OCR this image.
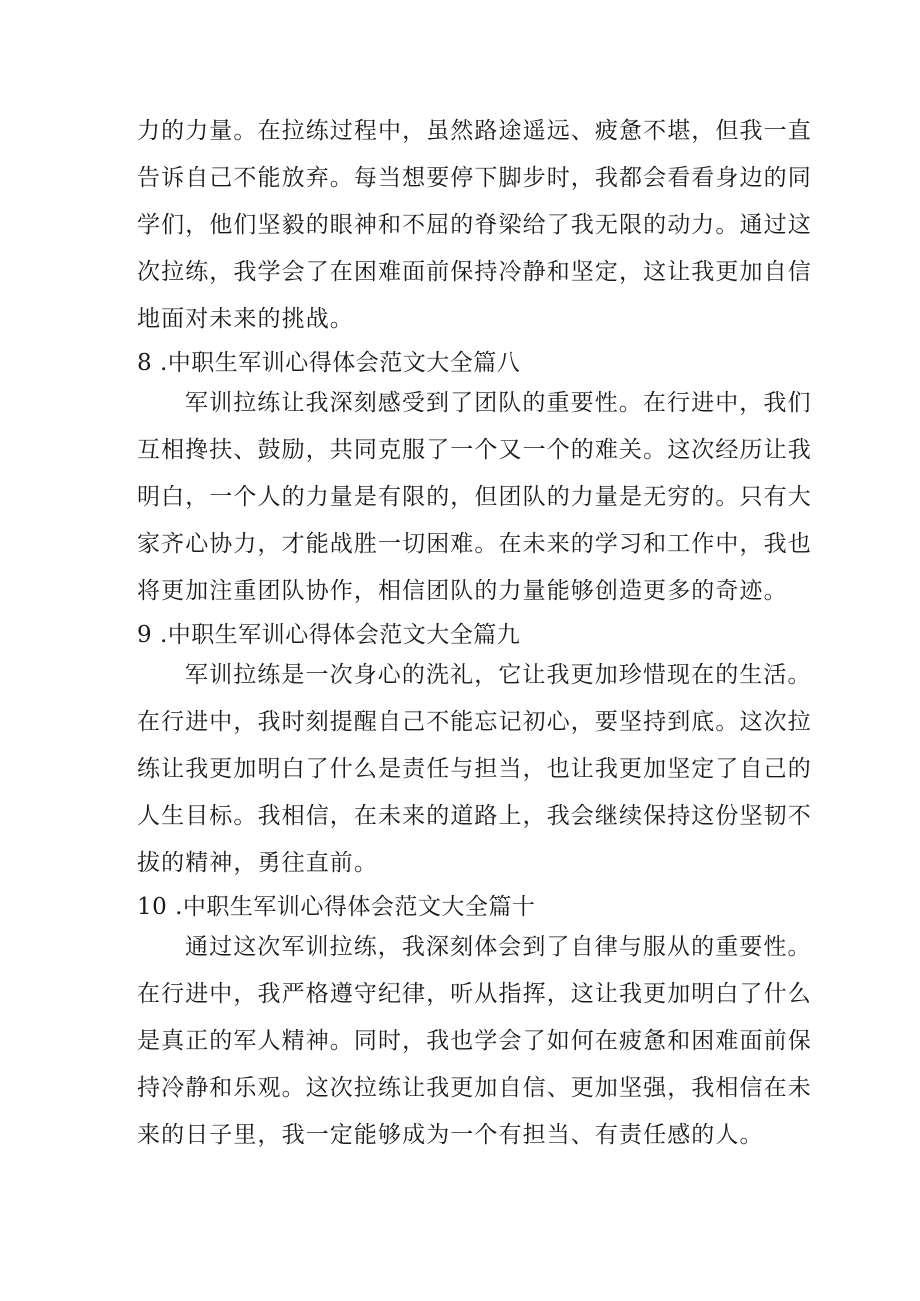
力的力量。在拉练过程中，虽然路途遥远、疲惫不堪，但我一直
告诉自己不能放弃。每当想要停下脚步时，我都会看看身边的同
学们，他们坚毅的眼神和不屈的脊梁给了我无限的动力。通过这
次拉练，我学会了在困难面前保持冷静和坚定，这让我更加自信
地面对未来的挑战。
8 .中职生军训心得体会范文大全篇八
军训拉练让我深刻感受到了团队的重要性。在行进中，我们
互相搀扶、鼓励，共同克服了一个又一个的难关。这次经历让我
明白，一个人的力量是有限的，但团队的力量是无穷的。只有大
家齐心协力，才能战胜一切困难。在未来的学习和工作中，我也
将更加注重团队协作，相信团队的力量能够创造更多的奇迹。
9 .中职生军训心得体会范文大全篇九
军训拉练是一次身心的洗礼，它让我更加珍惜现在的生活。
在行进中，我时刻提醒自己不能忘记初心，要坚持到底。这次拉
练让我更加明白了什么是责任与担当，也让我更加坚定了自己的
人生目标。我相信，在未来的道路上，我会继续保持这份坚韧不
拔的精神，勇往直前。
10 .中职生军训心得体会范文大全篇十
通过这次军训拉练，我深刻体会到了自律与服从的重要性。
在行进中，我严格遵守纪律，听从指挥，这让我更加明白了什么
是真正的军人精神。同时，我也学会了如何在疲惫和困难面前保
持冷静和乐观。这次拉练让我更加自信、更加坚强，我相信在未
来的日子里，我一定能够成为一个有担当、有责任感的人。
